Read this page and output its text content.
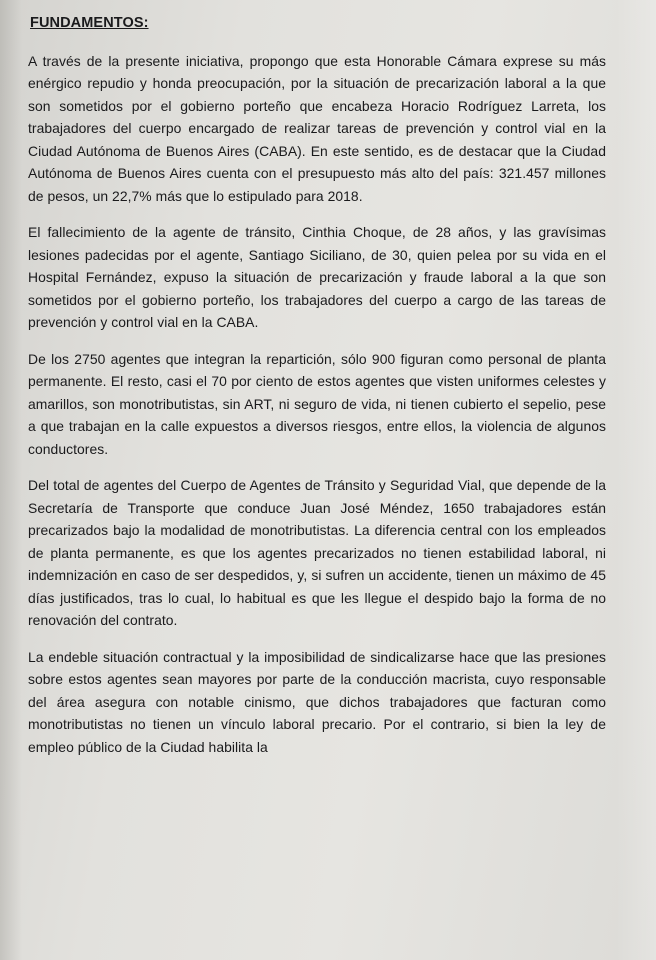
FUNDAMENTOS:

A través de la presente iniciativa, propongo que esta Honorable Cámara exprese su más enérgico repudio y honda preocupación, por la situación de precarización laboral a la que son sometidos por el gobierno porteño que encabeza Horacio Rodríguez Larreta, los trabajadores del cuerpo encargado de realizar tareas de prevención y control vial en la Ciudad Autónoma de Buenos Aires (CABA). En este sentido, es de destacar que la Ciudad Autónoma de Buenos Aires cuenta con el presupuesto más alto del país: 321.457 millones de pesos, un 22,7% más que lo estipulado para 2018.

El fallecimiento de la agente de tránsito, Cinthia Choque, de 28 años, y las gravísimas lesiones padecidas por el agente, Santiago Siciliano, de 30, quien pelea por su vida en el Hospital Fernández, expuso la situación de precarización y fraude laboral a la que son sometidos por el gobierno porteño, los trabajadores del cuerpo a cargo de las tareas de prevención y control vial en la CABA.

De los 2750 agentes que integran la repartición, sólo 900 figuran como personal de planta permanente. El resto, casi el 70 por ciento de estos agentes que visten uniformes celestes y amarillos, son monotributistas, sin ART, ni seguro de vida, ni tienen cubierto el sepelio, pese a que trabajan en la calle expuestos a diversos riesgos, entre ellos, la violencia de algunos conductores.

Del total de agentes del Cuerpo de Agentes de Tránsito y Seguridad Vial, que depende de la Secretaría de Transporte que conduce Juan José Méndez, 1650 trabajadores están precarizados bajo la modalidad de monotributistas. La diferencia central con los empleados de planta permanente, es que los agentes precarizados no tienen estabilidad laboral, ni indemnización en caso de ser despedidos, y, si sufren un accidente, tienen un máximo de 45 días justificados, tras lo cual, lo habitual es que les llegue el despido bajo la forma de no renovación del contrato.

La endeble situación contractual y la imposibilidad de sindicalizarse hace que las presiones sobre estos agentes sean mayores por parte de la conducción macrista, cuyo responsable del área asegura con notable cinismo, que dichos trabajadores que facturan como monotributistas no tienen un vínculo laboral precario. Por el contrario, si bien la ley de empleo público de la Ciudad habilita la
